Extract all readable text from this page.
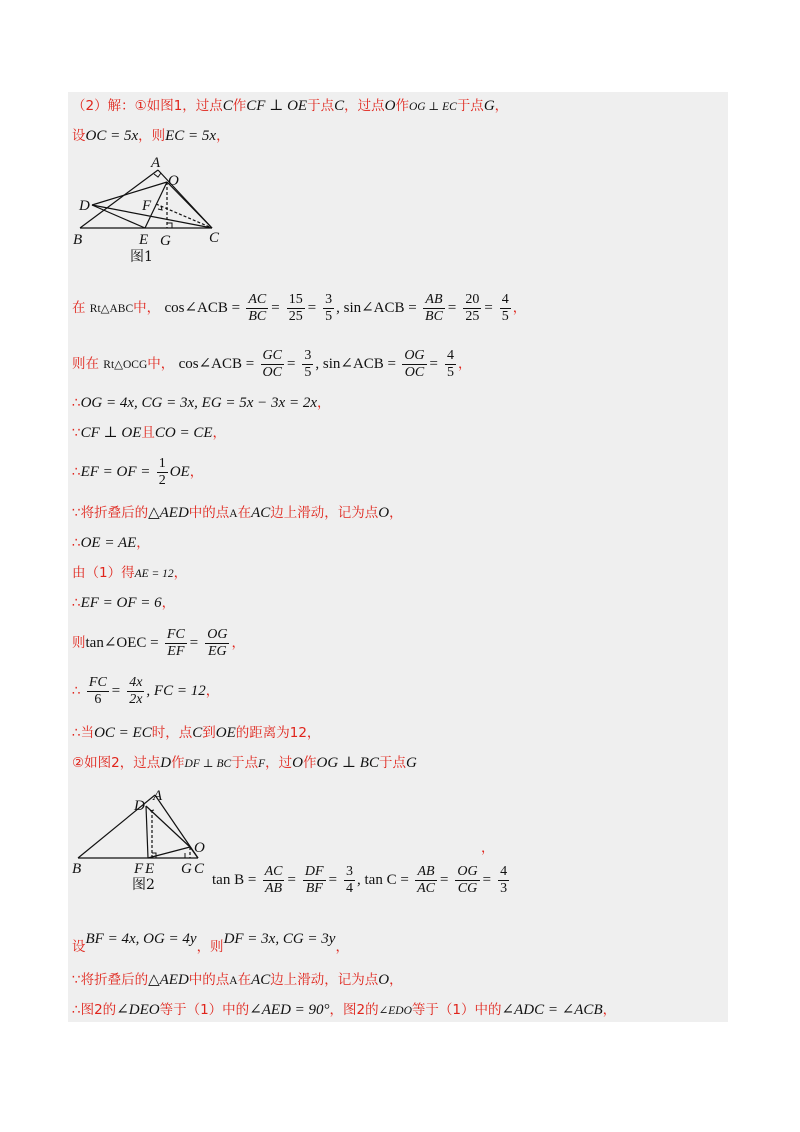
（2）解：①如图1，过点C作CF ⊥ OE于点C，过点O作OG ⊥ EC于点G，
设OC = 5x，则EC = 5x，
A
O
D	F
B	E G	C
图1
在 Rt△ABC中， cos∠ACB = $\frac{AC}{BC} = \frac{15}{25} = \frac{3}{5}$ , sin∠ACB = $\frac{AB}{BC} = \frac{20}{25} = \frac{4}{5}$ ，
则在 Rt△OCG中， cos∠ACB = $\frac{GC}{OC} = \frac{3}{5}$ , sin∠ACB = $\frac{OG}{OC} = \frac{4}{5}$ ，
∴OG = 4x, CG = 3x, EG = 5x − 3x = 2x，
∵CF ⊥ OE且CO = CE，
∴EF = OF = $\frac{1}{2}$ OE，
∵将折叠后的△AED中的点A在AC边上滑动，记为点O，
∴OE = AE，
由（1）得AE = 12，
∴EF = OF = 6，
则tan∠OEC = $\frac{FC}{EF} = \frac{OG}{EG}$ ，
∴ $\frac{FC}{6} = \frac{4x}{2x}$ , FC = 12，
∴当OC = EC时，点C到OE的距离为12，
②如图2，过点D作DF ⊥ BC于点F，过O作OG ⊥ BC于点G
D
A
O
B	F E G C
图2	$\tan B = \frac{AC}{AB} = \frac{DF}{BF} = \frac{3}{4}$ , $\tan C = \frac{AB}{AC} = \frac{OG}{CG} = \frac{4}{3}$
，
设BF = 4x, OG = 4y，则DF = 3x, CG = 3y，
∵将折叠后的△AED中的点A在AC边上滑动，记为点O，
∴图2的∠DEO等于（1）中的∠AED = 90°，图2的∠EDO等于（1）中的∠ADC = ∠ACB，
